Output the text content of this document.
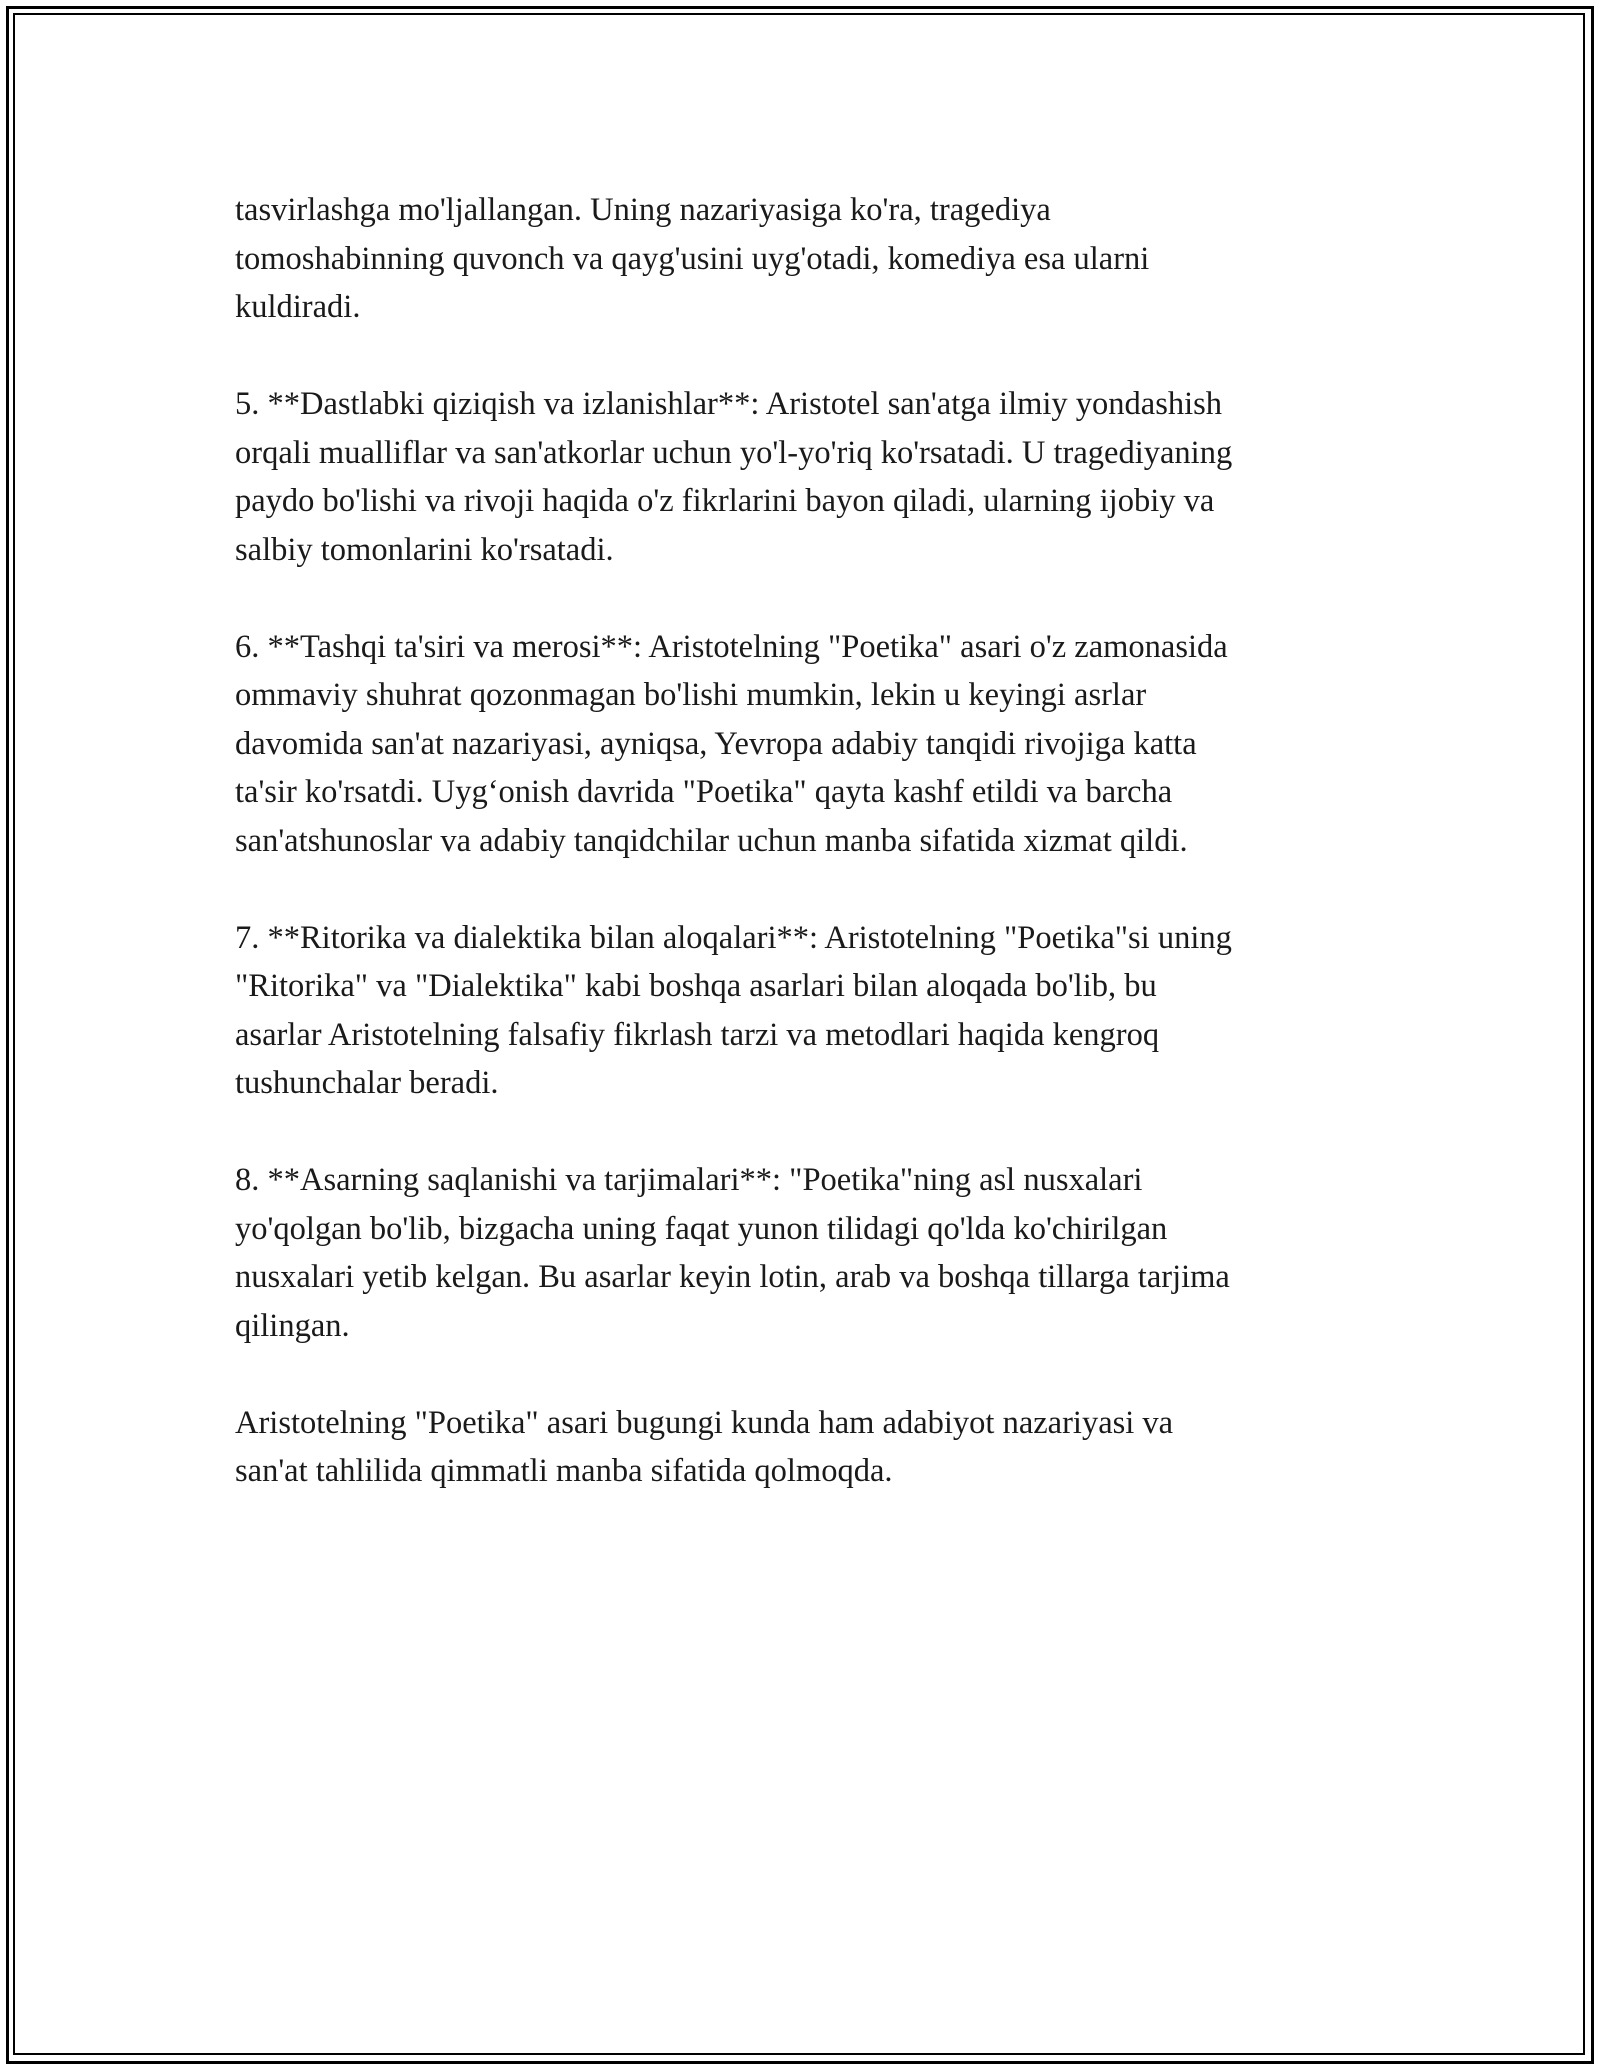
tasvirlashga mo'ljallangan. Uning nazariyasiga ko'ra, tragediya
tomoshabinning quvonch va qayg'usini uyg'otadi, komediya esa ularni
kuldiradi.

5. **Dastlabki qiziqish va izlanishlar**: Aristotel san'atga ilmiy yondashish
orqali mualliflar va san'atkorlar uchun yo'l-yo'riq ko'rsatadi. U tragediyaning
paydo bo'lishi va rivoji haqida o'z fikrlarini bayon qiladi, ularning ijobiy va
salbiy tomonlarini ko'rsatadi.

6. **Tashqi ta'siri va merosi**: Aristotelning "Poetika" asari o'z zamonasida
ommaviy shuhrat qozonmagan bo'lishi mumkin, lekin u keyingi asrlar
davomida san'at nazariyasi, ayniqsa, Yevropa adabiy tanqidi rivojiga katta
ta'sir ko'rsatdi. Uyg‘onish davrida "Poetika" qayta kashf etildi va barcha
san'atshunoslar va adabiy tanqidchilar uchun manba sifatida xizmat qildi.

7. **Ritorika va dialektika bilan aloqalari**: Aristotelning "Poetika"si uning
"Ritorika" va "Dialektika" kabi boshqa asarlari bilan aloqada bo'lib, bu
asarlar Aristotelning falsafiy fikrlash tarzi va metodlari haqida kengroq
tushunchalar beradi.

8. **Asarning saqlanishi va tarjimalari**: "Poetika"ning asl nusxalari
yo'qolgan bo'lib, bizgacha uning faqat yunon tilidagi qo'lda ko'chirilgan
nusxalari yetib kelgan. Bu asarlar keyin lotin, arab va boshqa tillarga tarjima
qilingan.

Aristotelning "Poetika" asari bugungi kunda ham adabiyot nazariyasi va
san'at tahlilida qimmatli manba sifatida qolmoqda.
